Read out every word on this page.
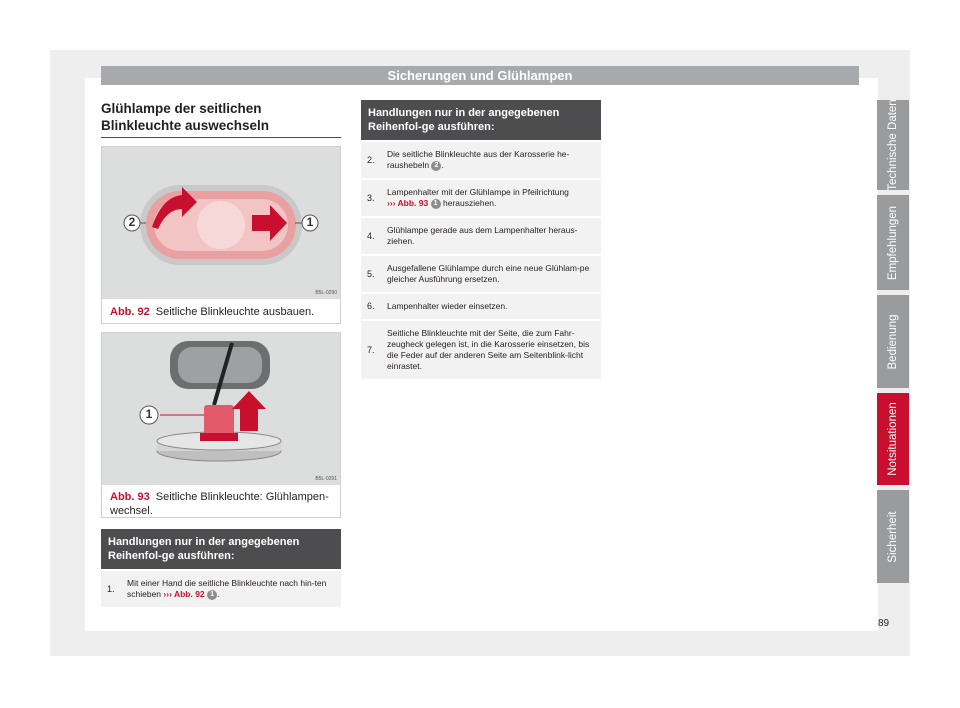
Sicherungen und Glühlampen
Glühlampe der seitlichen Blinkleuchte auswechseln
2	1
B5L-0290
Abb. 92 Seitliche Blinkleuchte ausbauen.
1
B5L-0291
Abb. 93 Seitliche Blinkleuchte: Glühlampen-wechsel.
Handlungen nur in der angegebenen Reihenfol-ge ausführen:
1.
Mit einer Hand die seitliche Blinkleuchte nach hin-ten schieben ››› Abb. 92 1 .
Handlungen nur in der angegebenen Reihenfol-ge ausführen:
2.
Die seitliche Blinkleuchte aus der Karosserie he-raushebeln 2 .
3.
Lampenhalter mit der Glühlampe in Pfeilrichtung
››› Abb. 93 1 herausziehen.
4.
Glühlampe gerade aus dem Lampenhalter heraus-ziehen.
5.
Ausgefallene Glühlampe durch eine neue Glühlam-pe gleicher Ausführung ersetzen.
6.	Lampenhalter wieder einsetzen.
7.
Seitliche Blinkleuchte mit der Seite, die zum Fahr-zeugheck gelegen ist, in die Karosserie einsetzen, bis die Feder auf der anderen Seite am Seitenblink-licht einrastet.
Technische Daten
Empfehlungen
Bedienung
Notsituationen
Sicherheit
89
